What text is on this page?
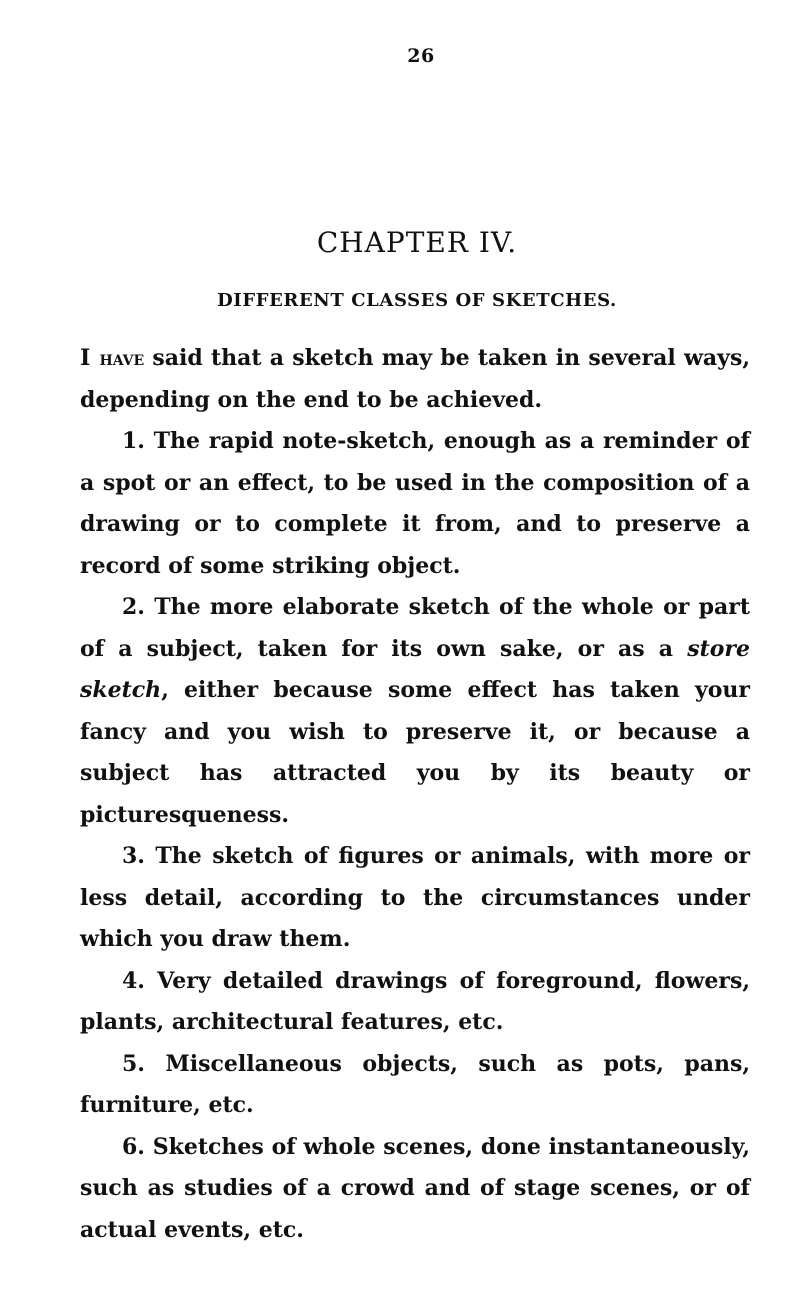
26
CHAPTER IV.
DIFFERENT CLASSES OF SKETCHES.

I have said that a sketch may be taken in several ways, depending on the end to be achieved.

1. The rapid note-sketch, enough as a reminder of a spot or an effect, to be used in the composition of a drawing or to complete it from, and to preserve a record of some striking object.

2. The more elaborate sketch of the whole or part of a subject, taken for its own sake, or as a store sketch, either because some effect has taken your fancy and you wish to preserve it, or because a subject has attracted you by its beauty or picturesqueness.

3. The sketch of figures or animals, with more or less detail, according to the circumstances under which you draw them.

4. Very detailed drawings of foreground, flowers, plants, architectural features, etc.

5. Miscellaneous objects, such as pots, pans, furniture, etc.

6. Sketches of whole scenes, done instantaneously, such as studies of a crowd and of stage scenes, or of actual events, etc.
